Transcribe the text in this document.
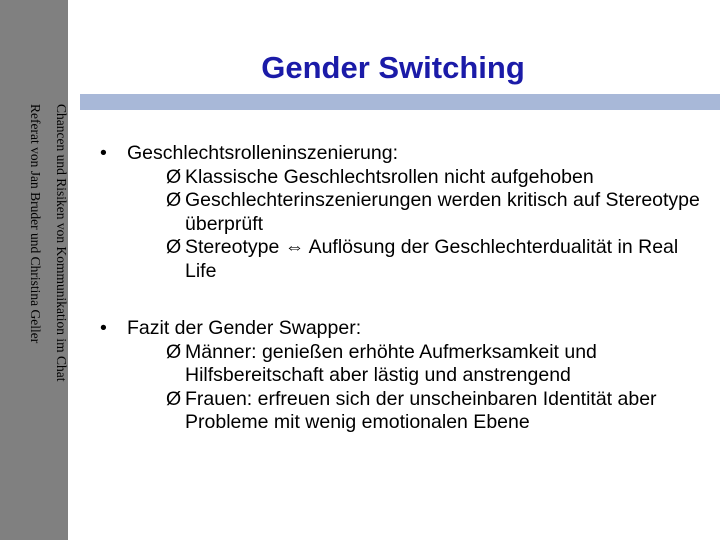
Chancen und Risiken von Kommunikation im Chat
Referat von Jan Bruder und Christina Geller
Gender Switching
• Geschlechtsrolleninszenierung:
Ø Klassische Geschlechtsrollen nicht aufgehoben
Ø Geschlechterinszenierungen werden kritisch auf Stereotype überprüft
Ø Stereotype ⇔ Auflösung der Geschlechterdualität in Real Life
• Fazit der Gender Swapper:
Ø Männer: genießen erhöhte Aufmerksamkeit und Hilfsbereitschaft aber lästig und anstrengend
Ø Frauen: erfreuen sich der unscheinbaren Identität aber Probleme mit wenig emotionalen Ebene
